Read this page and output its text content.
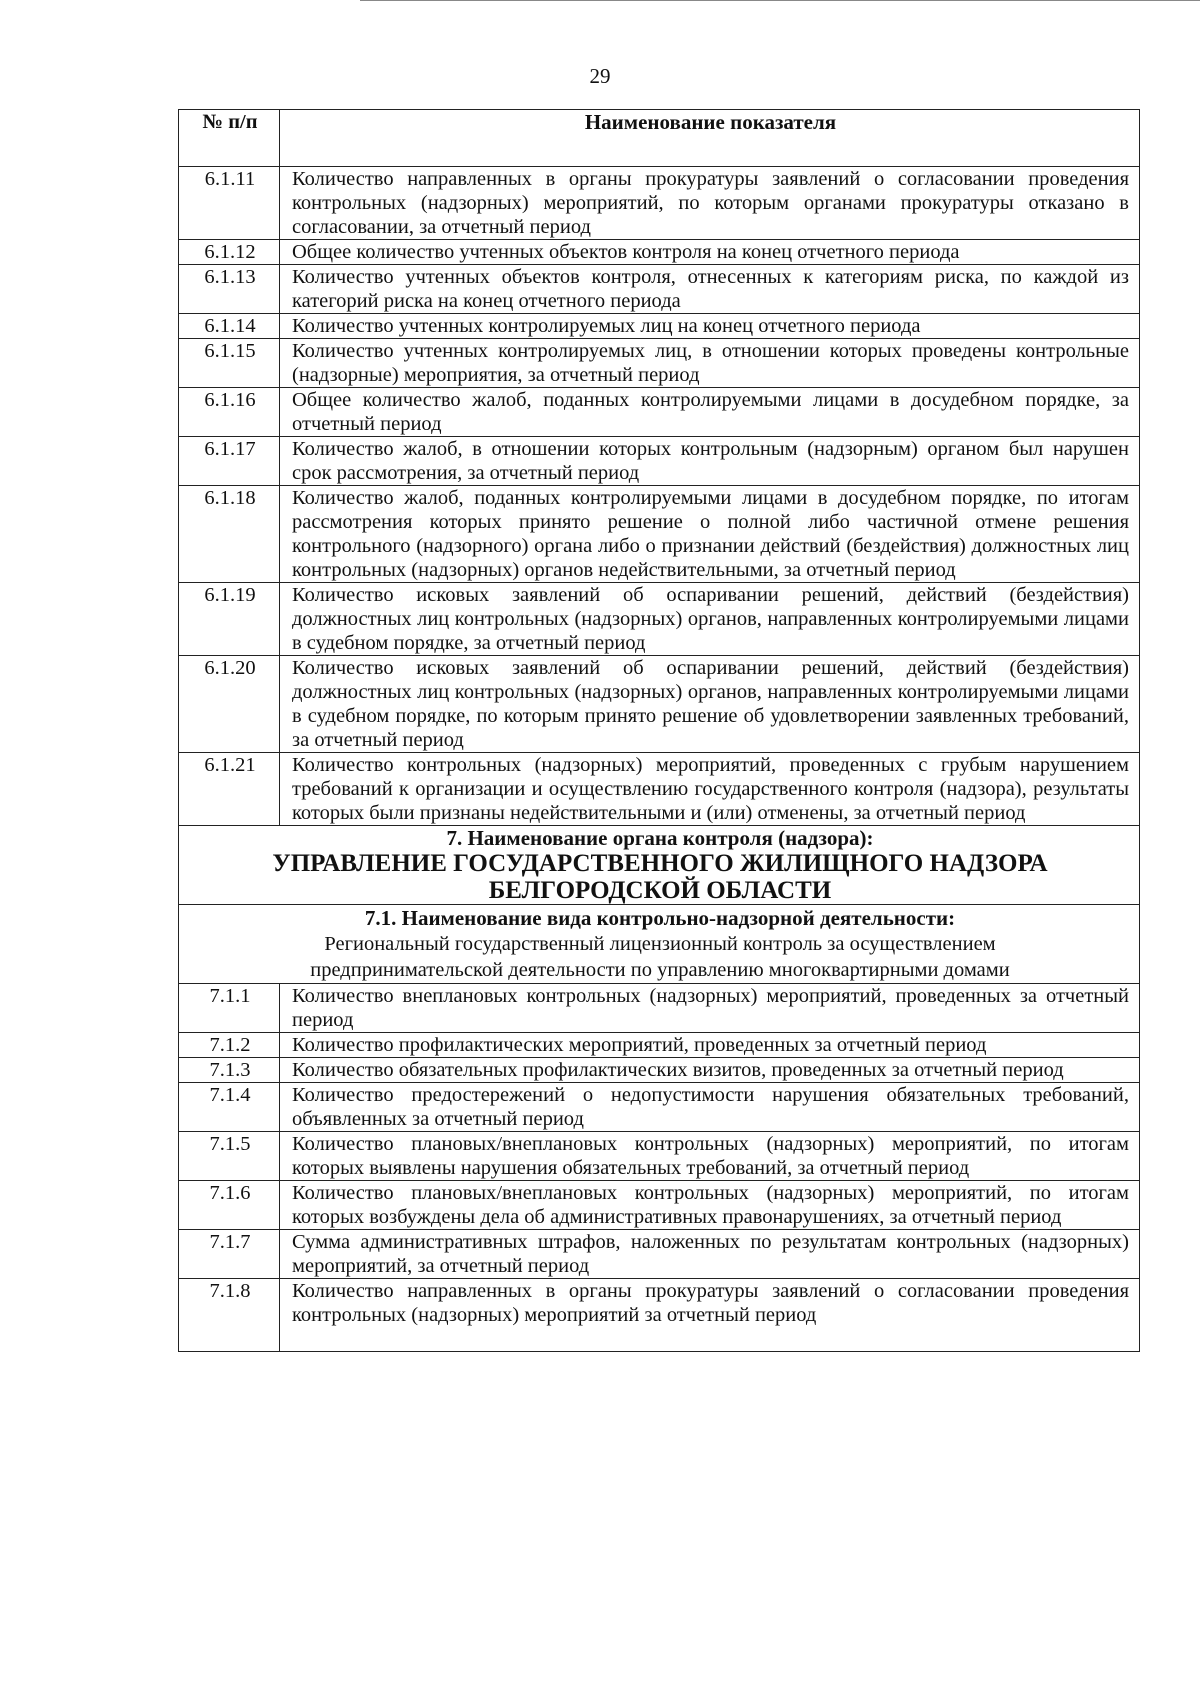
29
№ п/п	Наименование показателя
6.1.11	Количество направленных в органы прокуратуры заявлений о согласовании проведения контрольных (надзорных) мероприятий, по которым органами прокуратуры отказано в согласовании, за отчетный период
6.1.12	Общее количество учтенных объектов контроля на конец отчетного периода
6.1.13	Количество учтенных объектов контроля, отнесенных к категориям риска, по каждой из категорий риска на конец отчетного периода
6.1.14	Количество учтенных контролируемых лиц на конец отчетного периода
6.1.15	Количество учтенных контролируемых лиц, в отношении которых проведены контрольные (надзорные) мероприятия, за отчетный период
6.1.16	Общее количество жалоб, поданных контролируемыми лицами в досудебном порядке, за отчетный период
6.1.17	Количество жалоб, в отношении которых контрольным (надзорным) органом был нарушен срок рассмотрения, за отчетный период
6.1.18	Количество жалоб, поданных контролируемыми лицами в досудебном порядке, по итогам рассмотрения которых принято решение о полной либо частичной отмене решения контрольного (надзорного) органа либо о признании действий (бездействия) должностных лиц контрольных (надзорных) органов недействительными, за отчетный период
6.1.19	Количество исковых заявлений об оспаривании решений, действий (бездействия) должностных лиц контрольных (надзорных) органов, направленных контролируемыми лицами в судебном порядке, за отчетный период
6.1.20	Количество исковых заявлений об оспаривании решений, действий (бездействия) должностных лиц контрольных (надзорных) органов, направленных контролируемыми лицами в судебном порядке, по которым принято решение об удовлетворении заявленных требований, за отчетный период
6.1.21	Количество контрольных (надзорных) мероприятий, проведенных с грубым нарушением требований к организации и осуществлению государственного контроля (надзора), результаты которых были признаны недействительными и (или) отменены, за отчетный период

7. Наименование органа контроля (надзора):
УПРАВЛЕНИЕ ГОСУДАРСТВЕННОГО ЖИЛИЩНОГО НАДЗОРА
БЕЛГОРОДСКОЙ ОБЛАСТИ	

7.1. Наименование вида контрольно-надзорной деятельности:
Региональный государственный лицензионный контроль за осуществлением
предпринимательской деятельности по управлению многоквартирными домами	

7.1.1	Количество внеплановых контрольных (надзорных) мероприятий, проведенных за отчетный период
7.1.2	Количество профилактических мероприятий, проведенных за отчетный период
7.1.3	Количество обязательных профилактических визитов, проведенных за отчетный период
7.1.4	Количество предостережений о недопустимости нарушения обязательных требований, объявленных за отчетный период
7.1.5	Количество плановых/внеплановых контрольных (надзорных) мероприятий, по итогам которых выявлены нарушения обязательных требований, за отчетный период
7.1.6	Количество плановых/внеплановых контрольных (надзорных) мероприятий, по итогам которых возбуждены дела об административных правонарушениях, за отчетный период
7.1.7	Сумма административных штрафов, наложенных по результатам контрольных (надзорных) мероприятий, за отчетный период
7.1.8	Количество направленных в органы прокуратуры заявлений о согласовании проведения контрольных (надзорных) мероприятий за отчетный период
